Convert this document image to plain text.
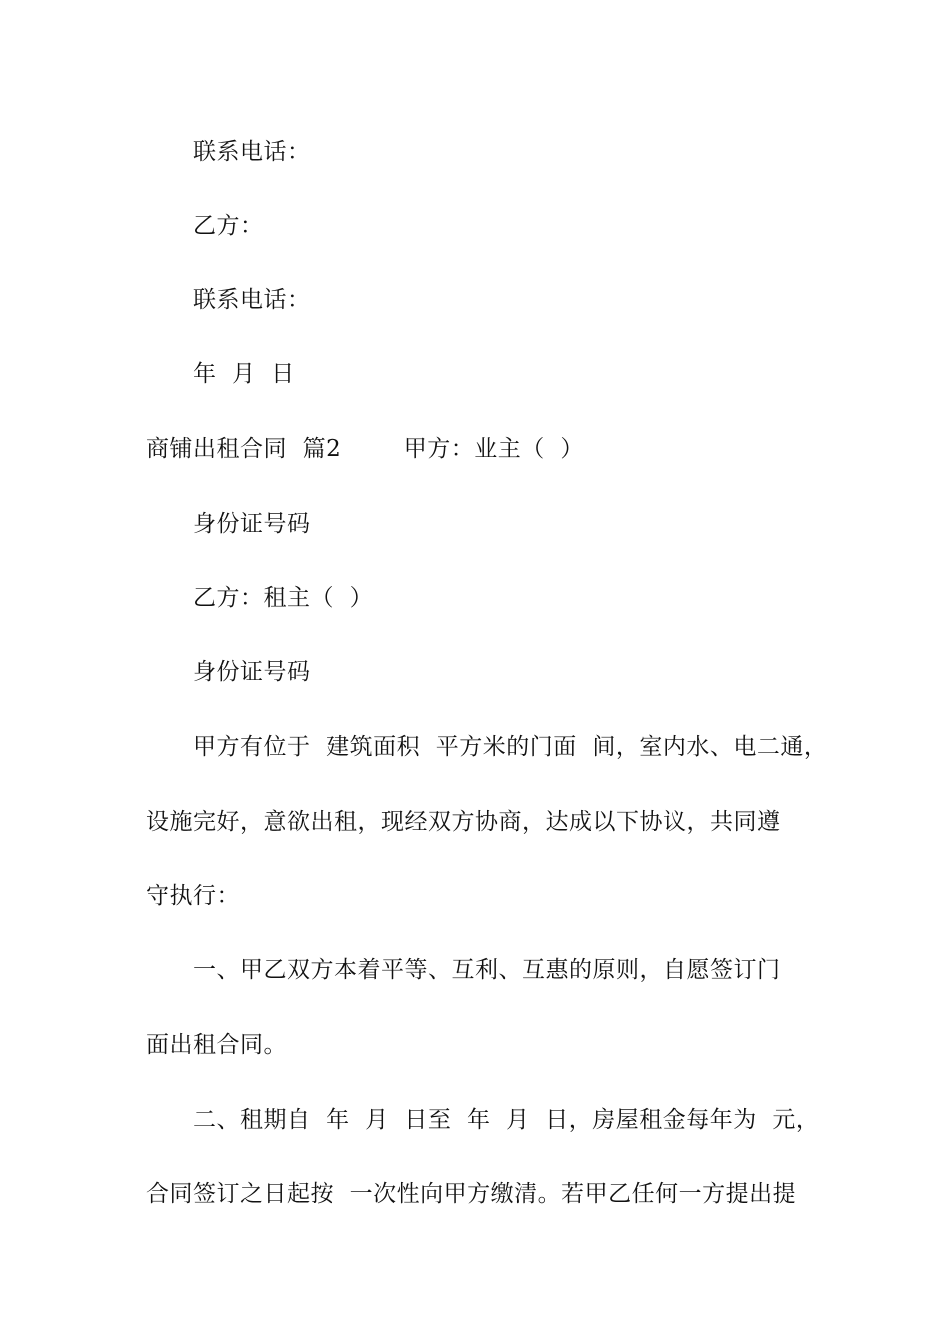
联系电话：
乙方：
联系电话：
年  月  日
商铺出租合同  篇2        甲方：业主（  ）
身份证号码
乙方：租主（  ）
身份证号码
甲方有位于  建筑面积  平方米的门面  间，室内水、电二通，
设施完好，意欲出租，现经双方协商，达成以下协议，共同遵
守执行：
一、甲乙双方本着平等、互利、互惠的原则，自愿签订门
面出租合同。
二、租期自  年  月  日至  年  月  日，房屋租金每年为  元，
合同签订之日起按  一次性向甲方缴清。若甲乙任何一方提出提
